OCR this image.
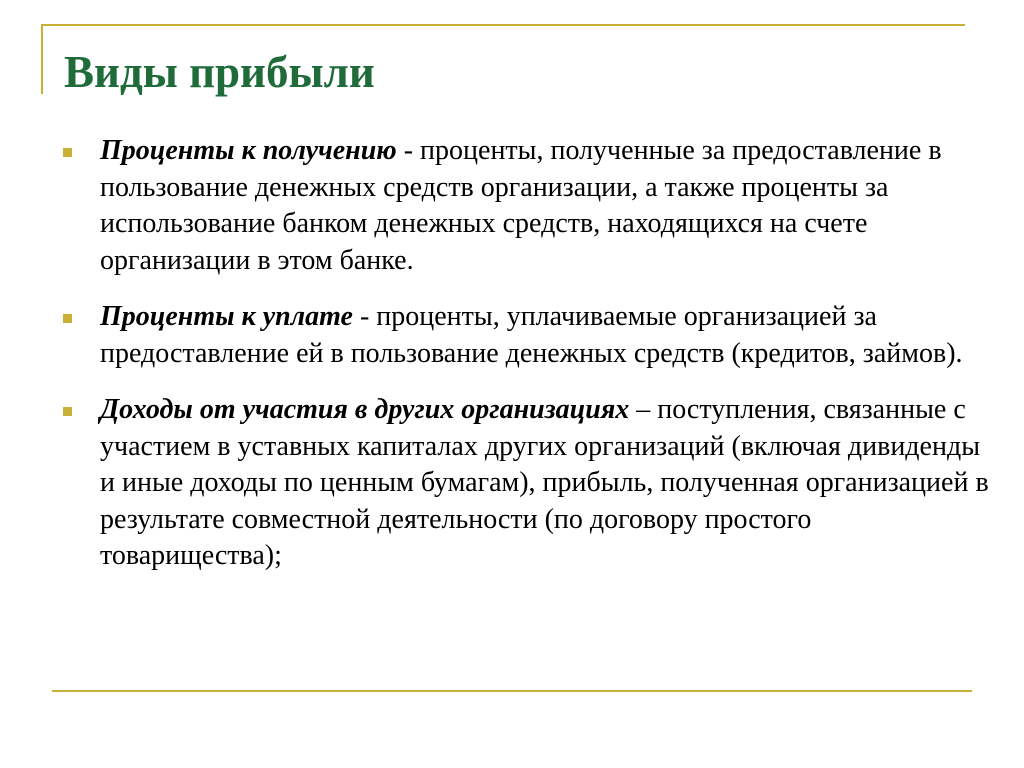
Виды прибыли
Проценты к получению - проценты, полученные за предоставление в пользование денежных средств организации, а также проценты за использование банком денежных средств, находящихся на счете организации в этом банке.
Проценты к уплате - проценты, уплачиваемые организацией за предоставление ей в пользование денежных средств (кредитов, займов).
Доходы от участия в других организациях – поступления, связанные с участием в уставных капиталах других организаций (включая дивиденды и иные доходы по ценным бумагам), прибыль, полученная организацией в результате совместной деятельности (по договору простого товарищества);
